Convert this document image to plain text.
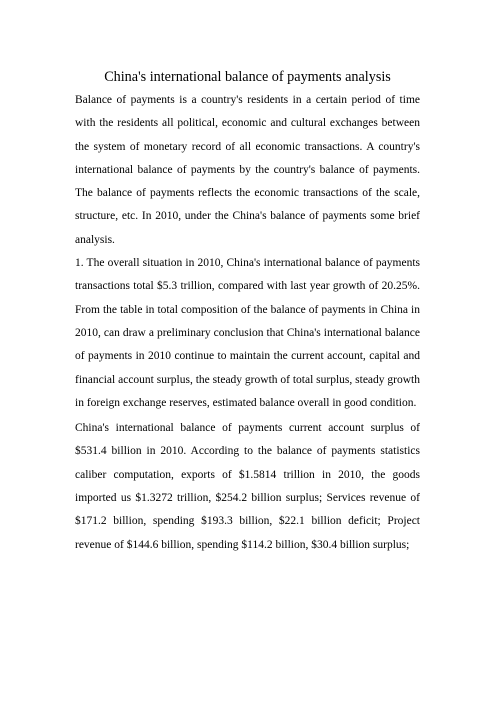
China's international balance of payments analysis

Balance of payments is a country's residents in a certain period of time with the residents all political, economic and cultural exchanges between the system of monetary record of all economic transactions. A country's international balance of payments by the country's balance of payments. The balance of payments reflects the economic transactions of the scale, structure, etc. In 2010, under the China's balance of payments some brief analysis.

1. The overall situation in 2010, China's international balance of payments transactions total $5.3 trillion, compared with last year growth of 20.25%. From the table in total composition of the balance of payments in China in 2010, can draw a preliminary conclusion that China's international balance of payments in 2010 continue to maintain the current account, capital and financial account surplus, the steady growth of total surplus, steady growth in foreign exchange reserves, estimated balance overall in good condition.

China's international balance of payments current account surplus of $531.4 billion in 2010. According to the balance of payments statistics caliber computation, exports of $1.5814 trillion in 2010, the goods imported us $1.3272 trillion, $254.2 billion surplus; Services revenue of $171.2 billion, spending $193.3 billion, $22.1 billion deficit; Project revenue of $144.6 billion, spending $114.2 billion, $30.4 billion surplus;
